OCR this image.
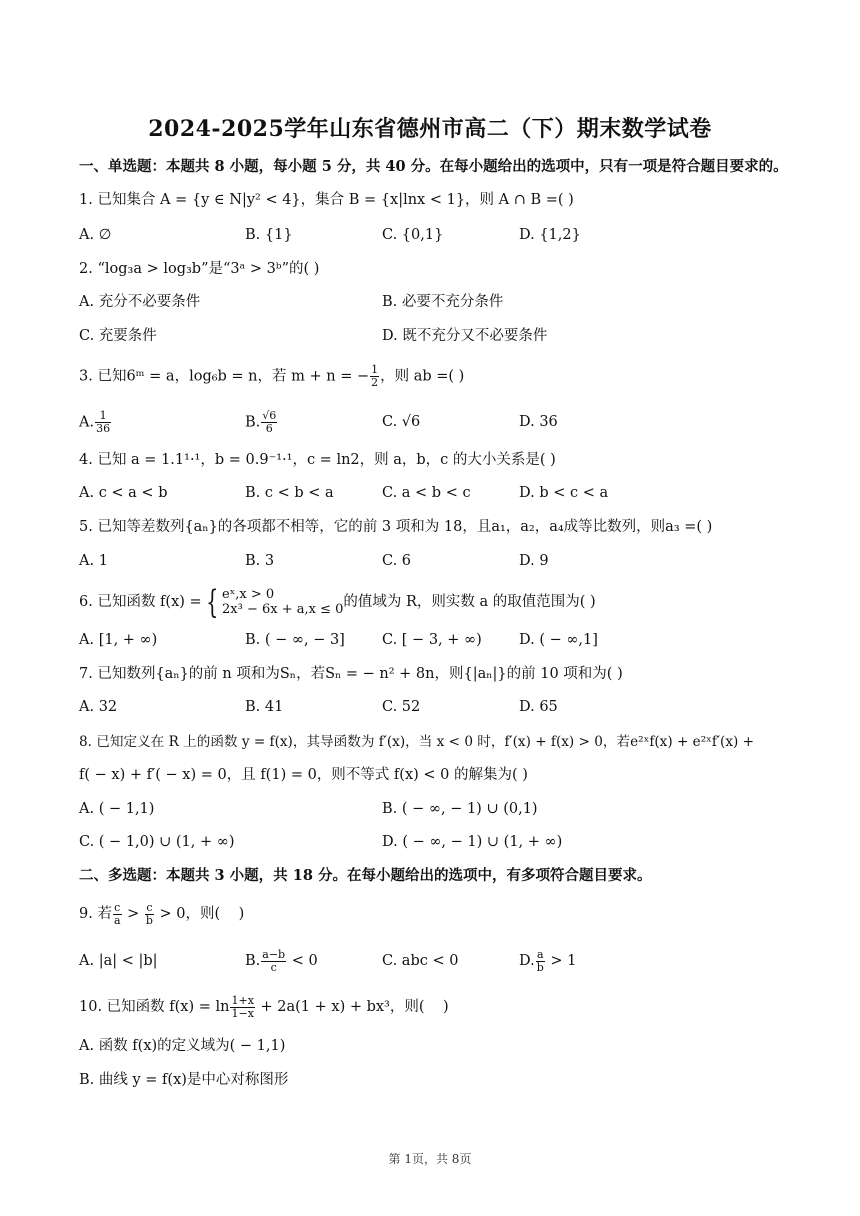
2024-2025学年山东省德州市高二（下）期末数学试卷
一、单选题：本题共 8 小题，每小题 5 分，共 40 分。在每小题给出的选项中，只有一项是符合题目要求的。
1. 已知集合 A = {y ∈ N|y² < 4}，集合 B = {x|lnx < 1}，则 A ∩ B =( )
A. ∅	B. {1}	C. {0,1}	D. {1,2}
2. “log₃a > log₃b”是“3ᵃ > 3ᵇ”的( )
A. 充分不必要条件	B. 必要不充分条件
C. 充要条件	D. 既不充分又不必要条件
3. 已知6ᵐ = a，log₆b = n，若 m + n = − $\frac{1}{2}$ ，则 ab =( )
A. $\frac{1}{36}$	B. $\frac{√6}{6}$	C. √6	D. 36
4. 已知 a = 1.1¹·¹，b = 0.9⁻¹·¹，c = ln2，则 a，b，c 的大小关系是( )
A. c < a < b	B. c < b < a	C. a < b < c	D. b < c < a
5. 已知等差数列{aₙ}的各项都不相等，它的前 3 项和为 18，且a₁，a₂，a₄成等比数列，则a₃ =( )
A. 1	B. 3	C. 6	D. 9
6. 已知函数 f(x) = { eˣ,x > 0
2x³ − 6x + a,x ≤ 0 的值域为 R，则实数 a 的取值范围为( )
A. [1, + ∞)	B. ( − ∞, − 3]	C. [ − 3, + ∞)	D. ( − ∞,1]
7. 已知数列{aₙ}的前 n 项和为Sₙ，若Sₙ = − n² + 8n，则{|aₙ|}的前 10 项和为( )
A. 32	B. 41	C. 52	D. 65
8. 已知定义在 R 上的函数 y = f(x)，其导函数为 f′(x)，当 x < 0 时，f′(x) + f(x) > 0，若e²ˣf(x) + e²ˣf′(x) +
f( − x) + f′( − x) = 0，且 f(1) = 0，则不等式 f(x) < 0 的解集为( )
A. ( − 1,1)	B. ( − ∞, − 1) ∪ (0,1)
C. ( − 1,0) ∪ (1, + ∞)	D. ( − ∞, − 1) ∪ (1, + ∞)
二、多选题：本题共 3 小题，共 18 分。在每小题给出的选项中，有多项符合题目要求。
9. 若 $\frac{c}{a} > \frac{c}{b} > 0$，则(    )
A. |a| < |b|	B. $\frac{a-b}{c} < 0$	C. abc < 0	D. $\frac{a}{b} > 1$
10. 已知函数 $f(x) = \ln \frac{1+x}{1-x} + 2a(1 + x) + bx^3$，则(    )
A. 函数 f(x)的定义域为( − 1,1)
B. 曲线 y = f(x)是中心对称图形
第 1页，共 8页
